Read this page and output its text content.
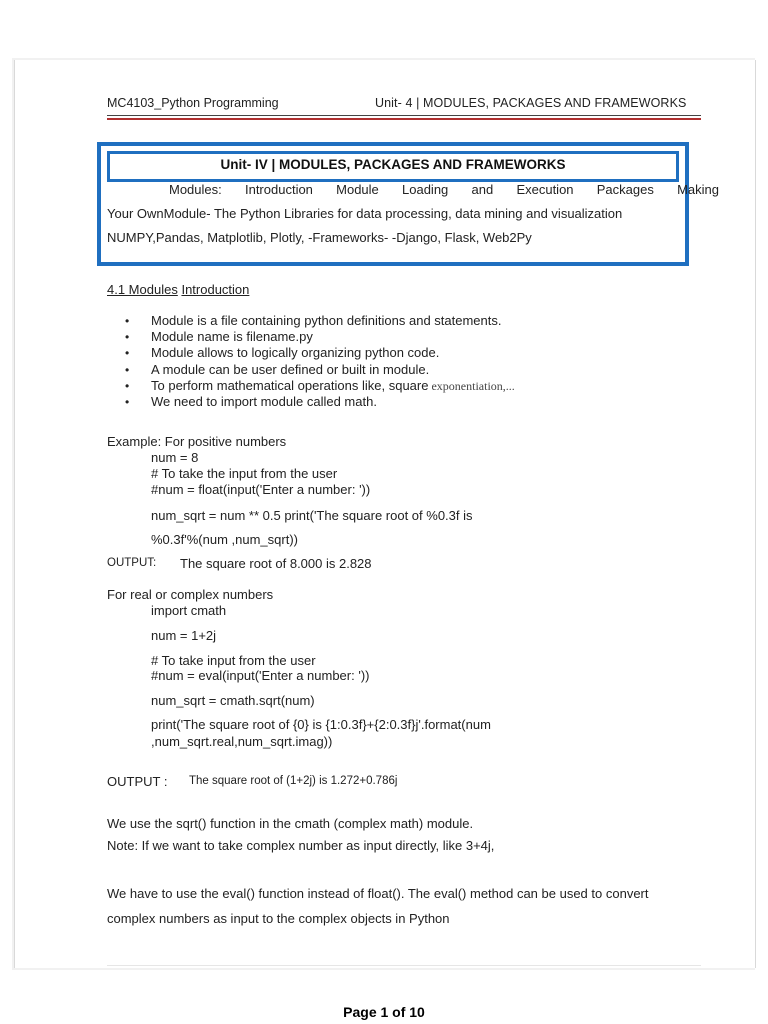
MC4103_Python Programming	Unit- 4 | MODULES, PACKAGES AND FRAMEWORKS
Unit- IV | MODULES, PACKAGES AND FRAMEWORKS
Modules: Introduction Module Loading and Execution Packages Making
Your OwnModule- The Python Libraries for data processing, data mining and visualization
NUMPY,Pandas, Matplotlib, Plotly, -Frameworks- -Django, Flask, Web2Py
4.1 Modules Introduction
• Module is a file containing python definitions and statements.
• Module name is filename.py
• Module allows to logically organizing python code.
• A module can be user defined or built in module.
• To perform mathematical operations like, square exponentiation,...
• We need to import module called math.
Example: For positive numbers
num = 8
# To take the input from the user
#num = float(input('Enter a number: '))
num_sqrt = num ** 0.5 print('The square root of %0.3f is
%0.3f'%(num ,num_sqrt))
OUTPUT: The square root of 8.000 is 2.828
For real or complex numbers
import cmath
num = 1+2j
# To take input from the user
#num = eval(input('Enter a number: '))
num_sqrt = cmath.sqrt(num)
print('The square root of {0} is {1:0.3f}+{2:0.3f}j'.format(num
,num_sqrt.real,num_sqrt.imag))
OUTPUT : The square root of (1+2j) is 1.272+0.786j
We use the sqrt() function in the cmath (complex math) module.
Note: If we want to take complex number as input directly, like 3+4j,
We have to use the eval() function instead of float(). The eval() method can be used to convert
complex numbers as input to the complex objects in Python
Page 1 of 10
